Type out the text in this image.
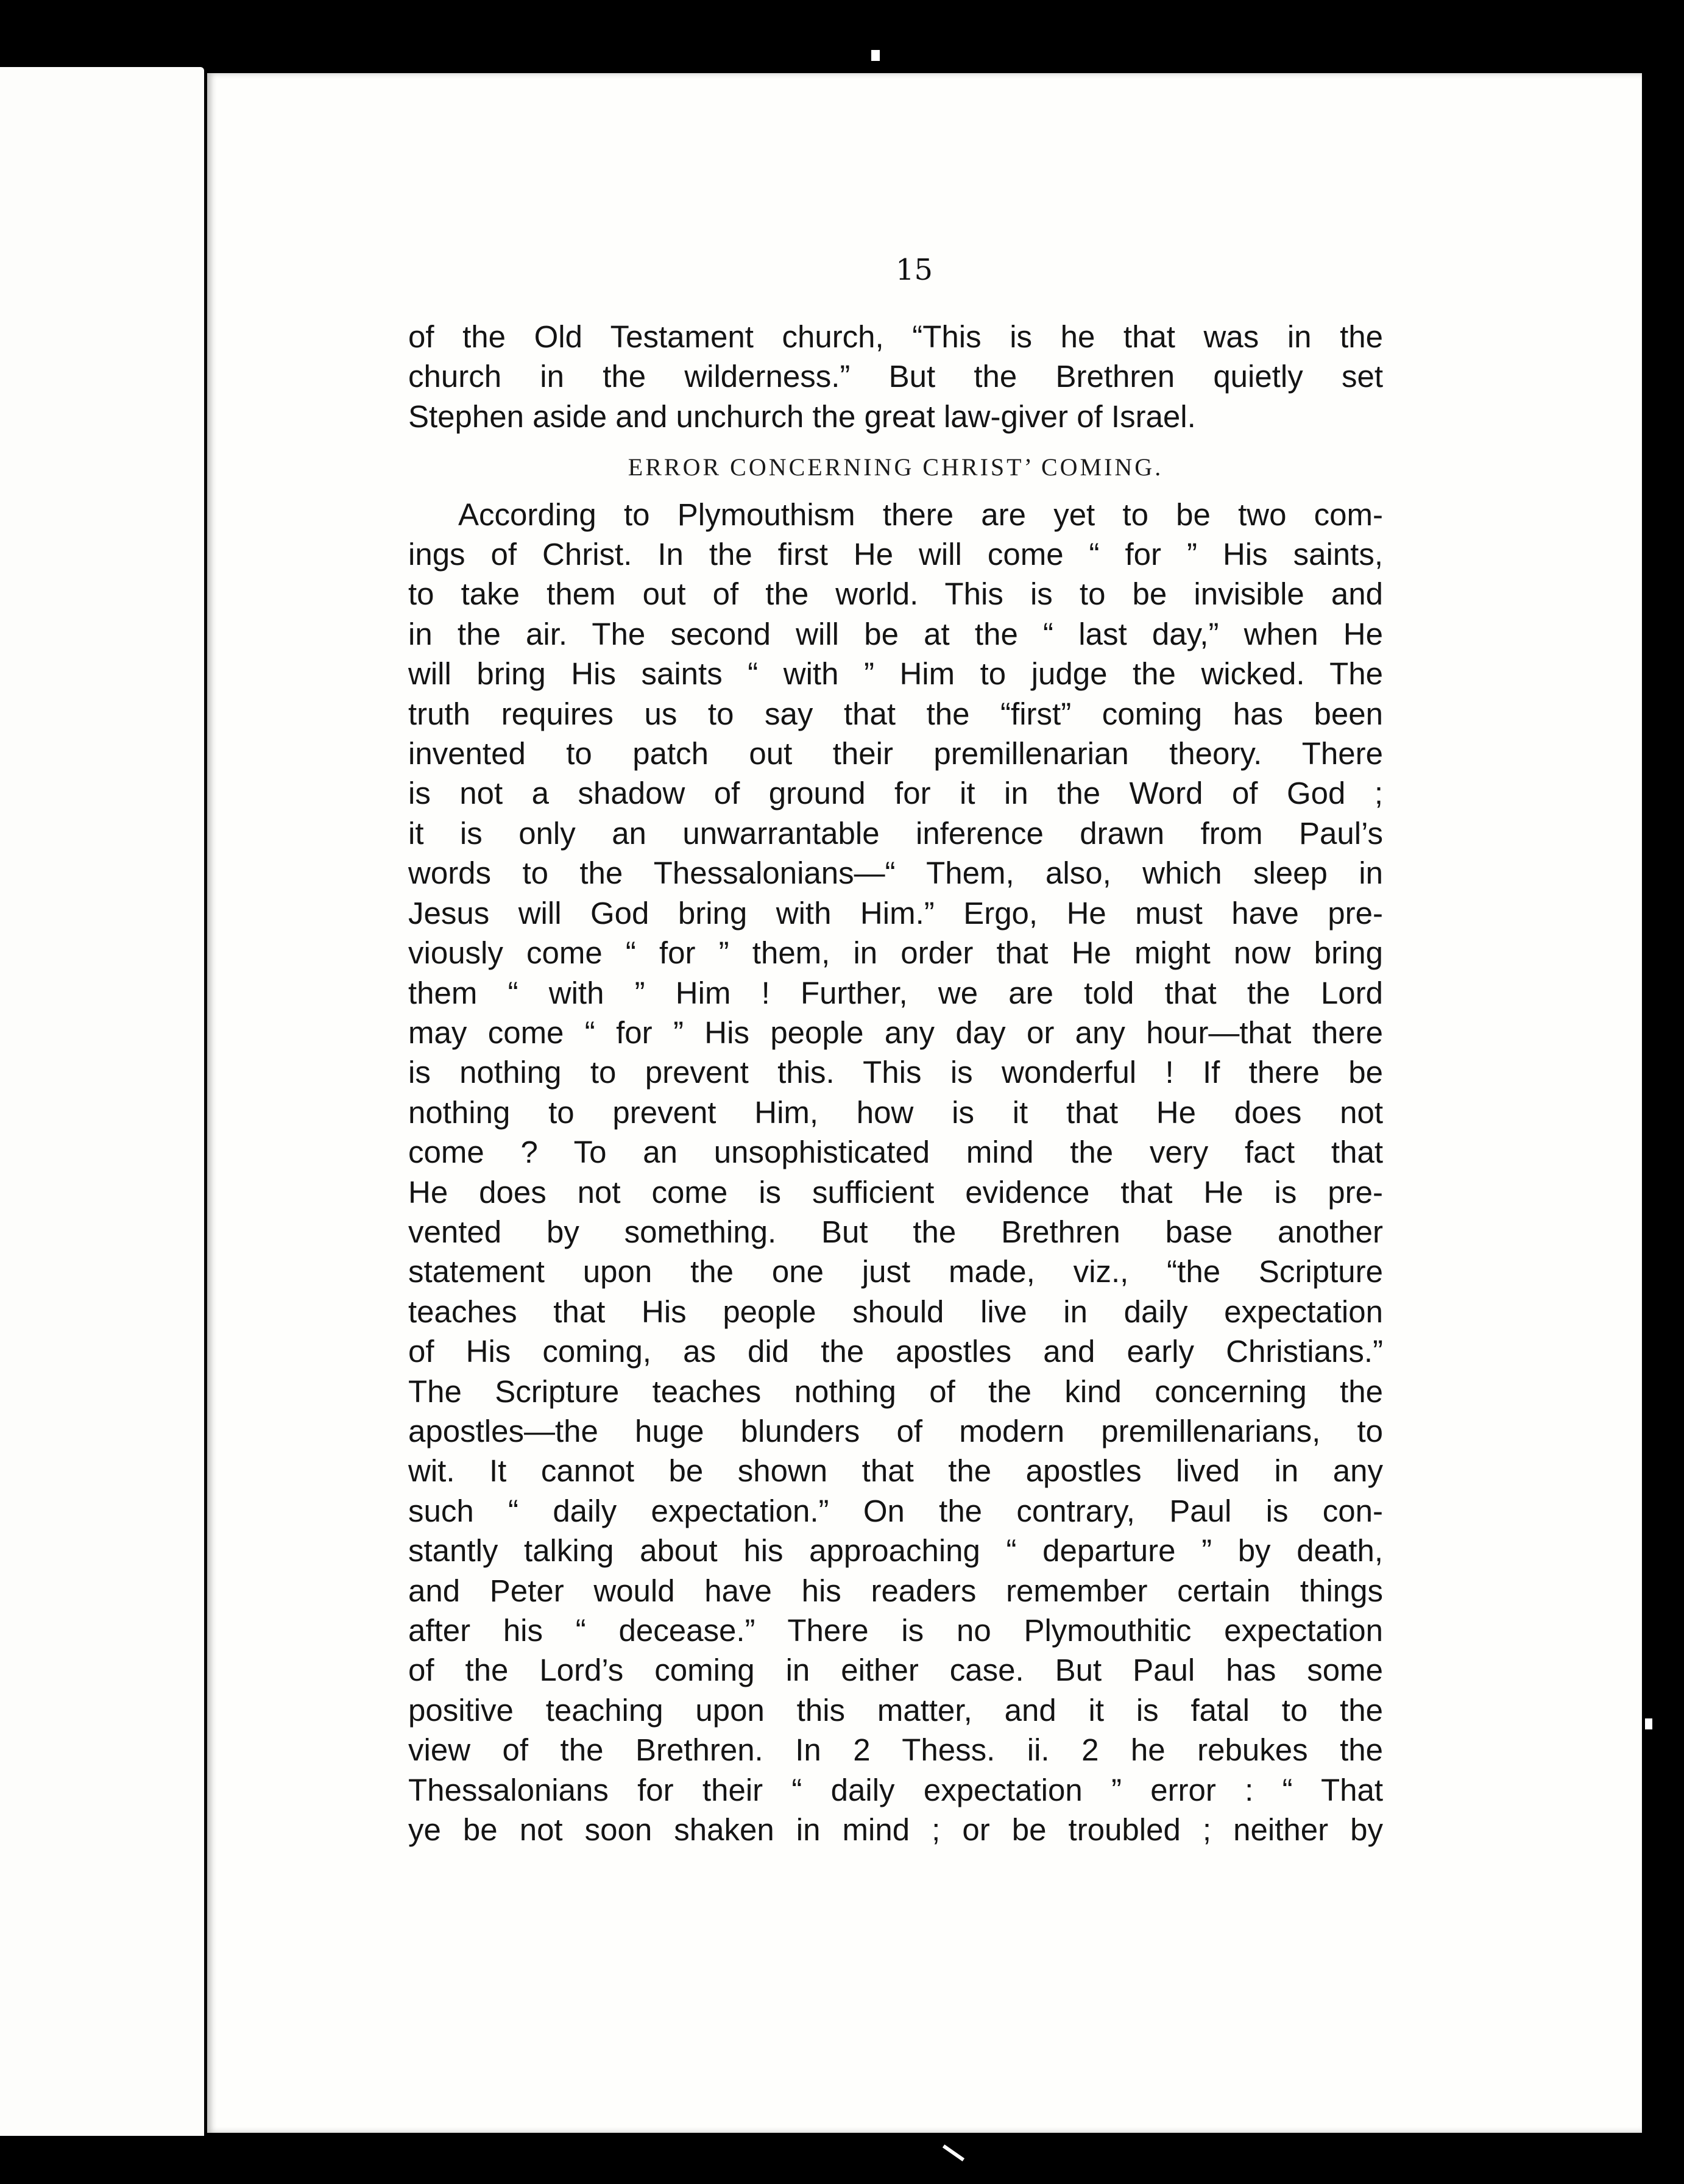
15
of the Old Testament church, “This is he that was in the
church in the wilderness.” But the Brethren quietly set
Stephen aside and unchurch the great law-giver of Israel.
ERROR CONCERNING CHRIST’ COMING.
According to Plymouthism there are yet to be two com-
ings of Christ. In the first He will come “ for ” His saints,
to take them out of the world. This is to be invisible and
in the air. The second will be at the “ last day,” when He
will bring His saints “ with ” Him to judge the wicked. The
truth requires us to say that the “first” coming has been
invented to patch out their premillenarian theory. There
is not a shadow of ground for it in the Word of God ;
it is only an unwarrantable inference drawn from Paul’s
words to the Thessalonians—“ Them, also, which sleep in
Jesus will God bring with Him.” Ergo, He must have pre-
viously come “ for ” them, in order that He might now bring
them “ with ” Him ! Further, we are told that the Lord
may come “ for ” His people any day or any hour—that there
is nothing to prevent this. This is wonderful ! If there be
nothing to prevent Him, how is it that He does not
come ? To an unsophisticated mind the very fact that
He does not come is sufficient evidence that He is pre-
vented by something. But the Brethren base another
statement upon the one just made, viz., “the Scripture
teaches that His people should live in daily expectation
of His coming, as did the apostles and early Christians.”
The Scripture teaches nothing of the kind concerning the
apostles—the huge blunders of modern premillenarians, to
wit. It cannot be shown that the apostles lived in any
such “ daily expectation.” On the contrary, Paul is con-
stantly talking about his approaching “ departure ” by death,
and Peter would have his readers remember certain things
after his “ decease.” There is no Plymouthitic expectation
of the Lord’s coming in either case. But Paul has some
positive teaching upon this matter, and it is fatal to the
view of the Brethren. In 2 Thess. ii. 2 he rebukes the
Thessalonians for their “ daily expectation ” error : “ That
ye be not soon shaken in mind ; or be troubled ; neither by
